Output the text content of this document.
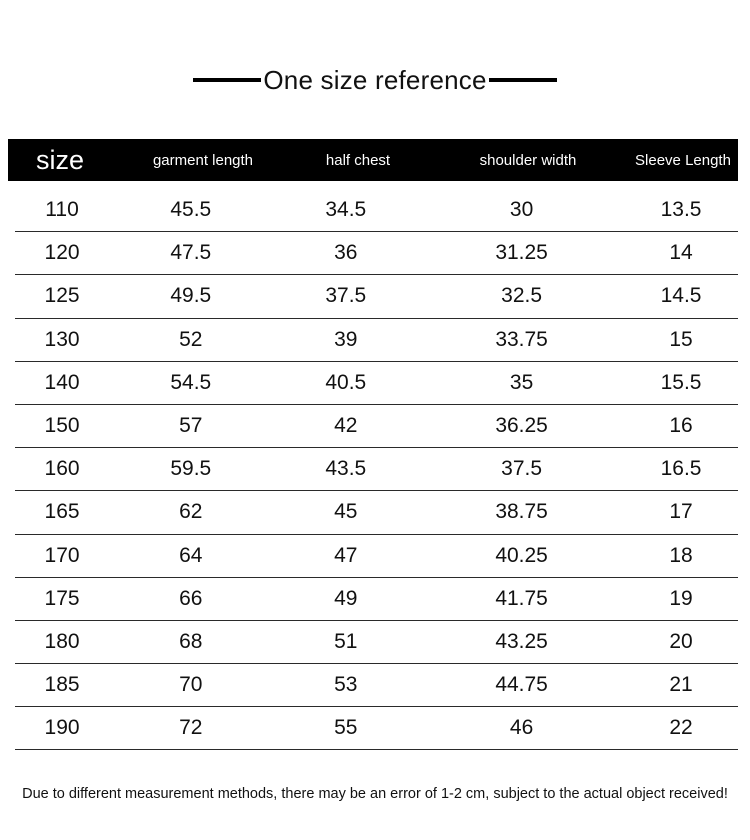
One size reference
size	garment length	half chest	shoulder width	Sleeve Length
110	45.5	34.5	30	13.5
120	47.5	36	31.25	14
125	49.5	37.5	32.5	14.5
130	52	39	33.75	15
140	54.5	40.5	35	15.5
150	57	42	36.25	16
160	59.5	43.5	37.5	16.5
165	62	45	38.75	17
170	64	47	40.25	18
175	66	49	41.75	19
180	68	51	43.25	20
185	70	53	44.75	21
190	72	55	46	22
Due to different measurement methods, there may be an error of 1-2 cm, subject to the actual object received!
